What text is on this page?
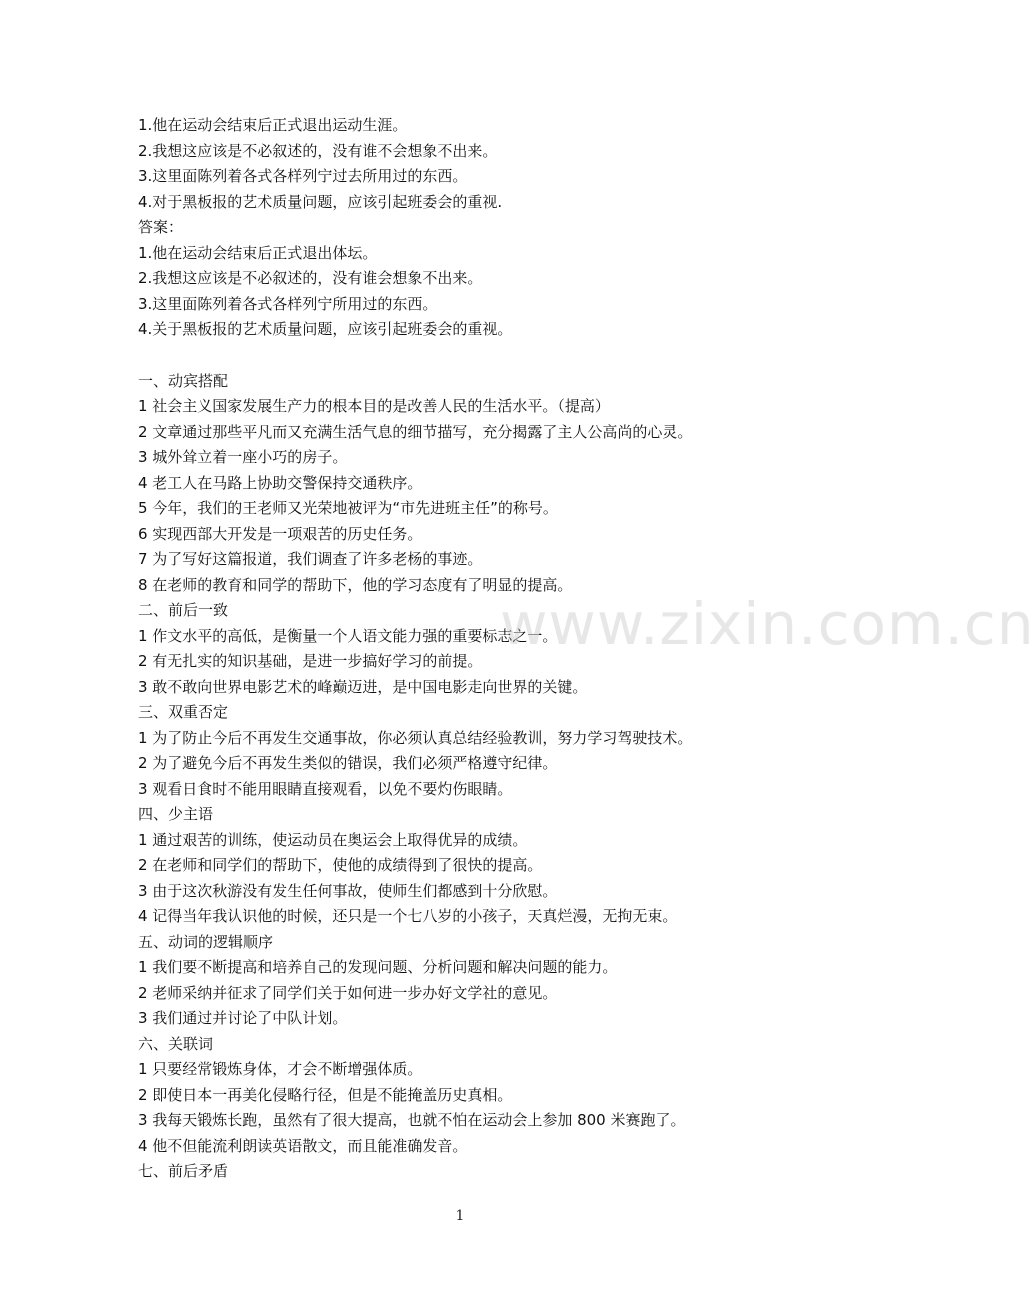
1.他在运动会结束后正式退出运动生涯。
2.我想这应该是不必叙述的，没有谁不会想象不出来。
3.这里面陈列着各式各样列宁过去所用过的东西。
4.对于黑板报的艺术质量问题，应该引起班委会的重视.
答案：
1.他在运动会结束后正式退出体坛。
2.我想这应该是不必叙述的，没有谁会想象不出来。
3.这里面陈列着各式各样列宁所用过的东西。
4.关于黑板报的艺术质量问题，应该引起班委会的重视。
一、动宾搭配
1 社会主义国家发展生产力的根本目的是改善人民的生活水平。（提高）
2 文章通过那些平凡而又充满生活气息的细节描写，充分揭露了主人公高尚的心灵。
3 城外耸立着一座小巧的房子。
4 老工人在马路上协助交警保持交通秩序。
5 今年，我们的王老师又光荣地被评为“市先进班主任”的称号。
6 实现西部大开发是一项艰苦的历史任务。
7 为了写好这篇报道，我们调查了许多老杨的事迹。
8 在老师的教育和同学的帮助下，他的学习态度有了明显的提高。
二、前后一致
1 作文水平的高低，是衡量一个人语文能力强的重要标志之一。
2 有无扎实的知识基础，是进一步搞好学习的前提。
3 敢不敢向世界电影艺术的峰巅迈进，是中国电影走向世界的关键。
三、双重否定
1 为了防止今后不再发生交通事故，你必须认真总结经验教训，努力学习驾驶技术。
2 为了避免今后不再发生类似的错误，我们必须严格遵守纪律。
3 观看日食时不能用眼睛直接观看，以免不要灼伤眼睛。
四、少主语
1 通过艰苦的训练，使运动员在奥运会上取得优异的成绩。
2 在老师和同学们的帮助下，使他的成绩得到了很快的提高。
3 由于这次秋游没有发生任何事故，使师生们都感到十分欣慰。
4 记得当年我认识他的时候，还只是一个七八岁的小孩子，天真烂漫，无拘无束。
五、动词的逻辑顺序
1 我们要不断提高和培养自己的发现问题、分析问题和解决问题的能力。
2 老师采纳并征求了同学们关于如何进一步办好文学社的意见。
3 我们通过并讨论了中队计划。
六、关联词
1 只要经常锻炼身体，才会不断增强体质。
2 即使日本一再美化侵略行径，但是不能掩盖历史真相。
3 我每天锻炼长跑，虽然有了很大提高，也就不怕在运动会上参加 800 米赛跑了。
4 他不但能流利朗读英语散文，而且能准确发音。
七、前后矛盾
www.zixin.com.cn
1
